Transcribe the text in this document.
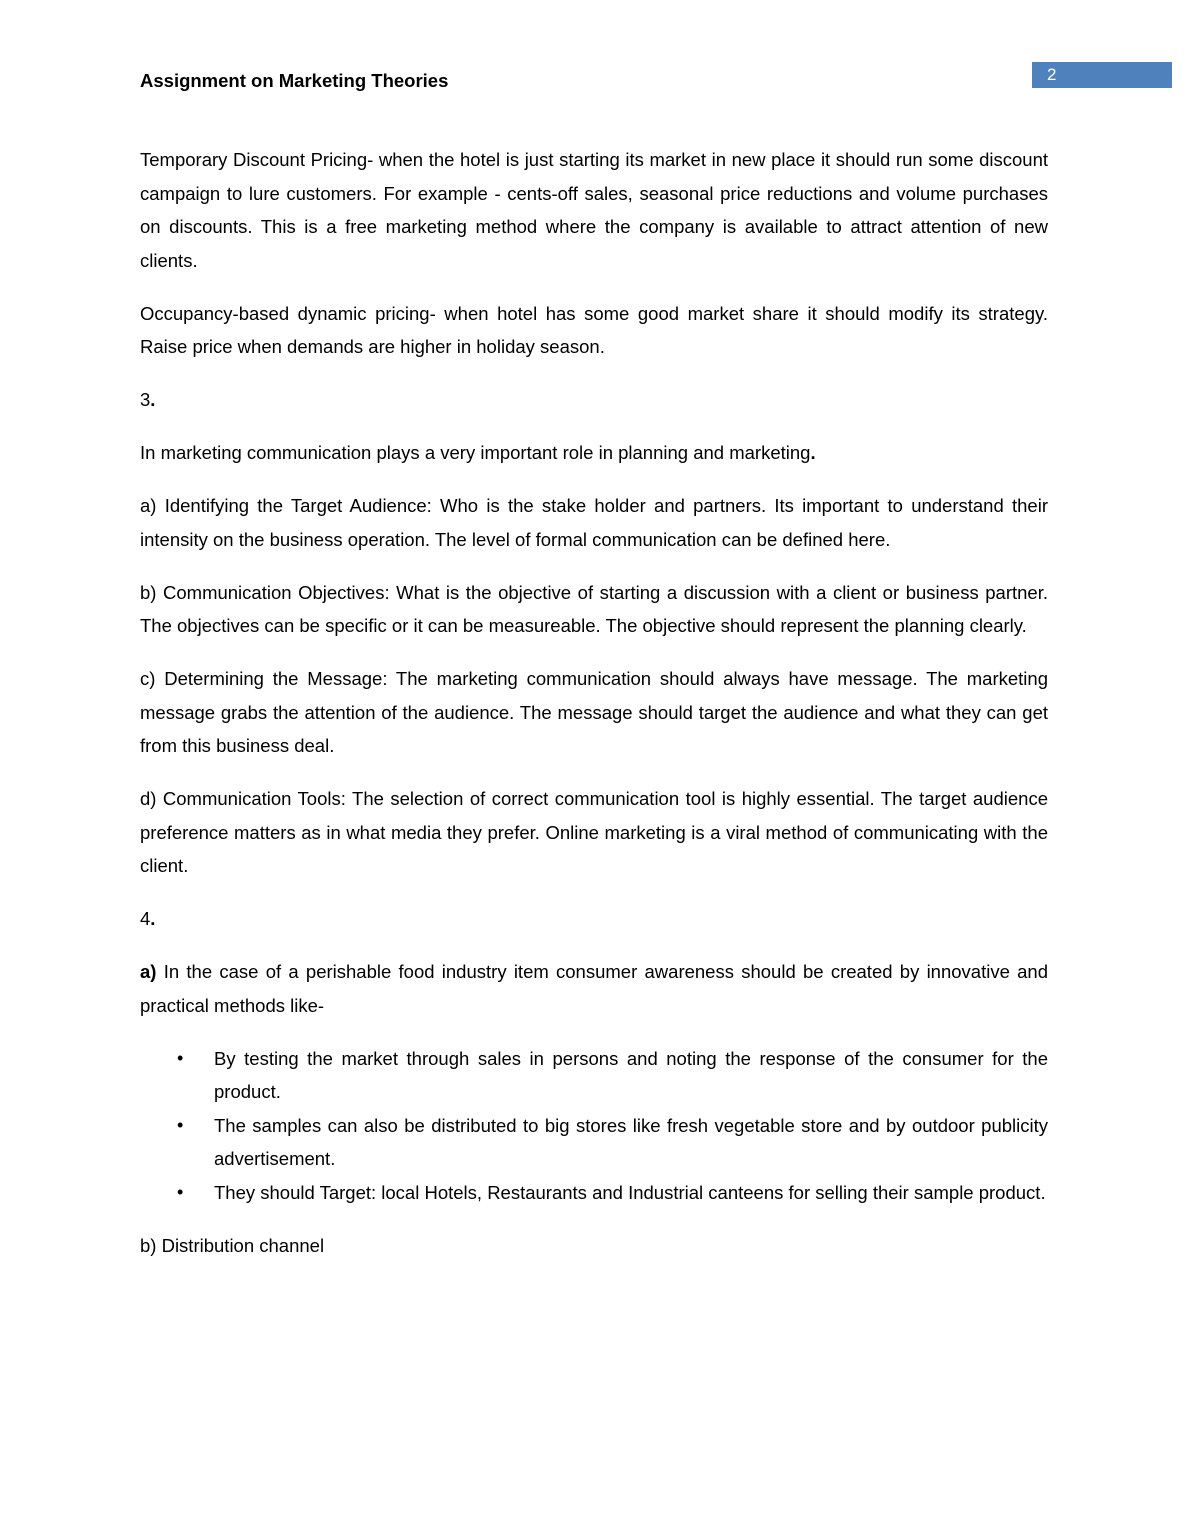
Assignment on Marketing Theories	2

Temporary Discount Pricing- when the hotel is just starting its market in new place it should run some discount campaign to lure customers. For example - cents-off sales, seasonal price reductions and volume purchases on discounts. This is a free marketing method where the company is available to attract attention of new clients.

Occupancy-based dynamic pricing- when hotel has some good market share it should modify its strategy. Raise price when demands are higher in holiday season.

3.

In marketing communication plays a very important role in planning and marketing.

a) Identifying the Target Audience: Who is the stake holder and partners. Its important to understand their intensity on the business operation. The level of formal communication can be defined here.

b) Communication Objectives: What is the objective of starting a discussion with a client or business partner. The objectives can be specific or it can be measureable. The objective should represent the planning clearly.

c) Determining the Message: The marketing communication should always have message. The marketing message grabs the attention of the audience. The message should target the audience and what they can get from this business deal.

d) Communication Tools: The selection of correct communication tool is highly essential. The target audience preference matters as in what media they prefer. Online marketing is a viral method of communicating with the client.

4.

a) In the case of a perishable food industry item consumer awareness should be created by innovative and practical methods like-

• By testing the market through sales in persons and noting the response of the consumer for the product.
• The samples can also be distributed to big stores like fresh vegetable store and by outdoor publicity advertisement.
• They should Target: local Hotels, Restaurants and Industrial canteens for selling their sample product.

b) Distribution channel
